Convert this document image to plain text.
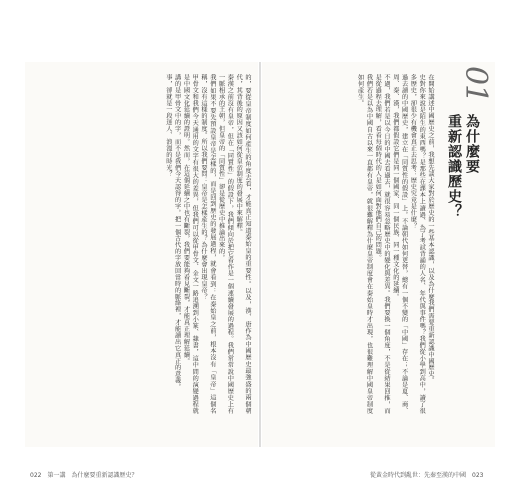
的，要從皇帝制度如何產生的角度去看，才能真正知道秦始皇的重要性。以及，漢、唐作為中國歷史最強盛的兩個朝代，其背後的原因又該如何從皇帝制度的發展中來解釋。
秦漢之前沒有皇帝，但在「同質性」的假設下，我們傾向於把它看作是一個連續發展的過程。我們常常說中國歷史上有一脈相承的王朝，但皇帝的「同質性」卻是從歷史中推論出來的。
我們如果不要先預設皇帝是怎樣的，而是回到歷史的發展過程，就會看到：在秦始皇之前，根本沒有「皇帝」這個名稱，沒有這樣的制度。所以我們要問：皇帝是怎樣產生的？為什麼會出現皇帝？
甲骨文和我們今天通用的文字有很大的差異，但我們可以從甲骨文、金文一路追溯到小篆、隸書，這中間的演變過程就是中國文化延續的證明。然而，在這個延續之中也有斷裂，我們要能夠看見斷裂，才能真正理解延續。
講的是甲骨文中的字，而不是我們今天認得的字。把一個古代的字放回當時的脈絡裡，才能讀出它真正的意義。
事，卻就是一段迷人、浪漫的時光？	01
為什麼要
重新認識歷史？
在開始講述中國歷史之前，我想先談大家對於歷史的一些基本認識，以及為什麼我們需要重新認識中國歷史。
史對你來說是陌生的東西嗎？是那些在課本上讀過、為了考試背誦的人名、年代與事件嗎？我們從小學到高中，讀了很多歷史，卻很少有機會真正去思考：歷史究竟是什麼？
過去讀的中國歷史，建立在「同質性的假設」上。不論朝代如何更替，總有一個不變的「中國」存在；不論是夏、商、周、秦、漢，我們都假設它們是同一個國家、同一個民族、同一種文化的延續。
不過，我們若是以今日的中國去看過去，就很容易忽略歷史中的變化與差異。我們要換一個角度，不是從結果回推，而是從過程去理解，看看每個時代的人是如何面對他們自己的問題。
我們若是以為中國自古以來一直都有皇帝，就很難解釋為什麼皇帝制度會在秦始皇時才出現，也很難理解中國皇帝制度如何產生。
022　第一講　為什麼要重新認識歷史？	從黃金時代到亂世：先秦至漢的中國　023
